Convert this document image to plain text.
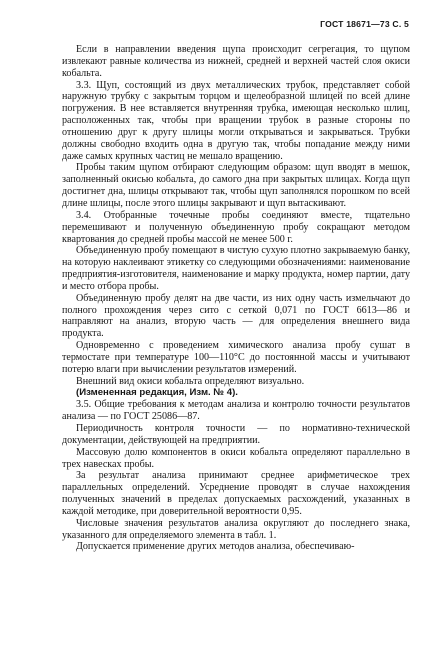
ГОСТ 18671—73 С. 5

Если в направлении введения щупа происходит сегрегация, то щупом извлекают равные количества из нижней, средней и верхней частей слоя окиси кобальта.

3.3. Щуп, состоящий из двух металлических трубок, представляет собой наружную трубку с закрытым торцом и щелеобразной шлицей по всей длине погружения. В нее вставляется внутренняя трубка, имеющая несколько шлиц, расположенных так, чтобы при вращении трубок в разные стороны по отношению друг к другу шлицы могли открываться и закрываться. Трубки должны свободно входить одна в другую так, чтобы попадание между ними даже самых крупных частиц не мешало вращению.

Пробы таким щупом отбирают следующим образом: щуп вводят в мешок, заполненный окисью кобальта, до самого дна при закрытых шлицах. Когда щуп достигнет дна, шлицы открывают так, чтобы щуп заполнялся порошком по всей длине шлицы, после этого шлицы закрывают и щуп вытаскивают.

3.4. Отобранные точечные пробы соединяют вместе, тщательно перемешивают и полученную объединенную пробу сокращают методом квартования до средней пробы массой не менее 500 г.

Объединенную пробу помещают в чистую сухую плотно закрываемую банку, на которую наклеивают этикетку со следующими обозначениями: наименование предприятия-изготовителя, наименование и марку продукта, номер партии, дату и место отбора пробы.

Объединенную пробу делят на две части, из них одну часть измельчают до полного прохождения через сито с сеткой 0,071 по ГОСТ 6613—86 и направляют на анализ, вторую часть — для определения внешнего вида продукта.

Одновременно с проведением химического анализа пробу сушат в термостате при температуре 100—110°С до постоянной массы и учитывают потерю влаги при вычислении результатов измерений.

Внешний вид окиси кобальта определяют визуально.

(Измененная редакция, Изм. № 4).

3.5. Общие требования к методам анализа и контролю точности результатов анализа — по ГОСТ 25086—87.

Периодичность контроля точности — по нормативно-технической документации, действующей на предприятии.

Массовую долю компонентов в окиси кобальта определяют параллельно в трех навесках пробы.

За результат анализа принимают среднее арифметическое трех параллельных определений. Усреднение проводят в случае нахождения полученных значений в пределах допускаемых расхождений, указанных в каждой методике, при доверительной вероятности 0,95.

Числовые значения результатов анализа округляют до последнего знака, указанного для определяемого элемента в табл. 1.

Допускается применение других методов анализа, обеспечиваю-
